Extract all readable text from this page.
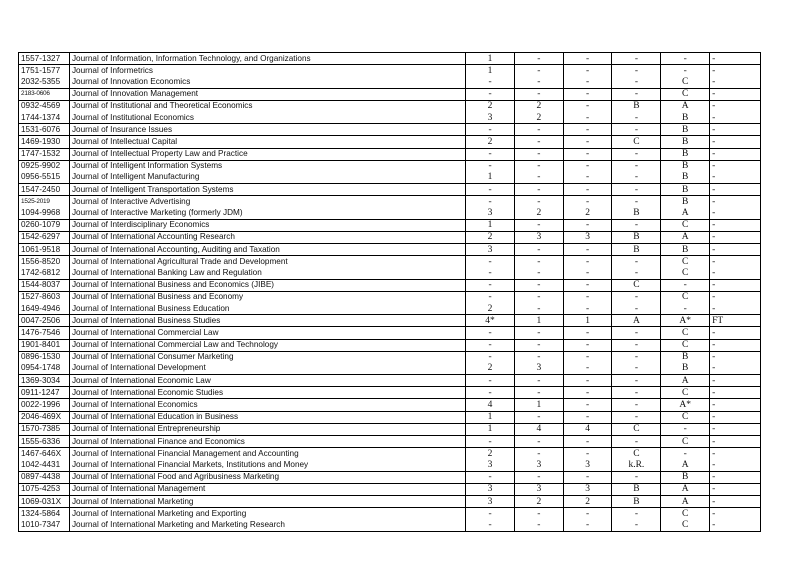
1557-1327	Journal of Information, Information Technology, and Organizations	1	-	-	-	-	-
1751-1577	Journal of Informetrics	1	-	-	-	-	-
2032-5355	Journal of Innovation Economics	-	-	-	-	C	-
2183-0606	Journal of Innovation Management	-	-	-	-	C	-
0932-4569	Journal of Institutional and Theoretical Economics	2	2	-	B	A	-
1744-1374	Journal of Institutional Economics	3	2	-	-	B	-
1531-6076	Journal of Insurance Issues	-	-	-	-	B	-
1469-1930	Journal of Intellectual Capital	2	-	-	C	B	-
1747-1532	Journal of Intellectual Property Law and Practice	-	-	-	-	B	-
0925-9902	Journal of Intelligent Information Systems	-	-	-	-	B	-
0956-5515	Journal of Intelligent Manufacturing	1	-	-	-	B	-
1547-2450	Journal of Intelligent Transportation Systems	-	-	-	-	B	-
1525-2019	Journal of Interactive Advertising	-	-	-	-	B	-
1094-9968	Journal of Interactive Marketing (formerly JDM)	3	2	2	B	A	-
0260-1079	Journal of Interdisciplinary Economics	1	-	-	-	C	-
1542-6297	Journal of International Accounting Research	2	3	3	B	A	-
1061-9518	Journal of International Accounting, Auditing and Taxation	3	-	-	B	B	-
1556-8520	Journal of International Agricultural Trade and Development	-	-	-	-	C	-
1742-6812	Journal of International Banking Law and Regulation	-	-	-	-	C	-
1544-8037	Journal of International Business and Economics (JIBE)	-	-	-	C	-	-
1527-8603	Journal of International Business and Economy	-	-	-	-	C	-
1649-4946	Journal of International Business Education	2	-	-	-	-	-
0047-2506	Journal of International Business Studies	4*	1	1	A	A*	FT
1476-7546	Journal of International Commercial Law	-	-	-	-	C	-
1901-8401	Journal of International Commercial Law and Technology	-	-	-	-	C	-
0896-1530	Journal of International Consumer Marketing	-	-	-	-	B	-
0954-1748	Journal of International Development	2	3	-	-	B	-
1369-3034	Journal of International Economic Law	-	-	-	-	A	-
0911-1247	Journal of International Economic Studies	-	-	-	-	C	-
0022-1996	Journal of International Economics	4	1	-	-	A*	-
2046-469X	Journal of International Education in Business	1	-	-	-	C	-
1570-7385	Journal of International Entrepreneurship	1	4	4	C	-	-
1555-6336	Journal of International Finance and Economics	-	-	-	-	C	-
1467-646X	Journal of International Financial Management and Accounting	2	-	-	C	-	-
1042-4431	Journal of International Financial Markets, Institutions and Money	3	3	3	k.R.	A	-
0897-4438	Journal of International Food and Agribusiness Marketing	-	-	-	-	B	-
1075-4253	Journal of International Management	3	3	3	B	A	-
1069-031X	Journal of International Marketing	3	2	2	B	A	-
1324-5864	Journal of International Marketing and Exporting	-	-	-	-	C	-
1010-7347	Journal of International Marketing and Marketing Research	-	-	-	-	C	-
